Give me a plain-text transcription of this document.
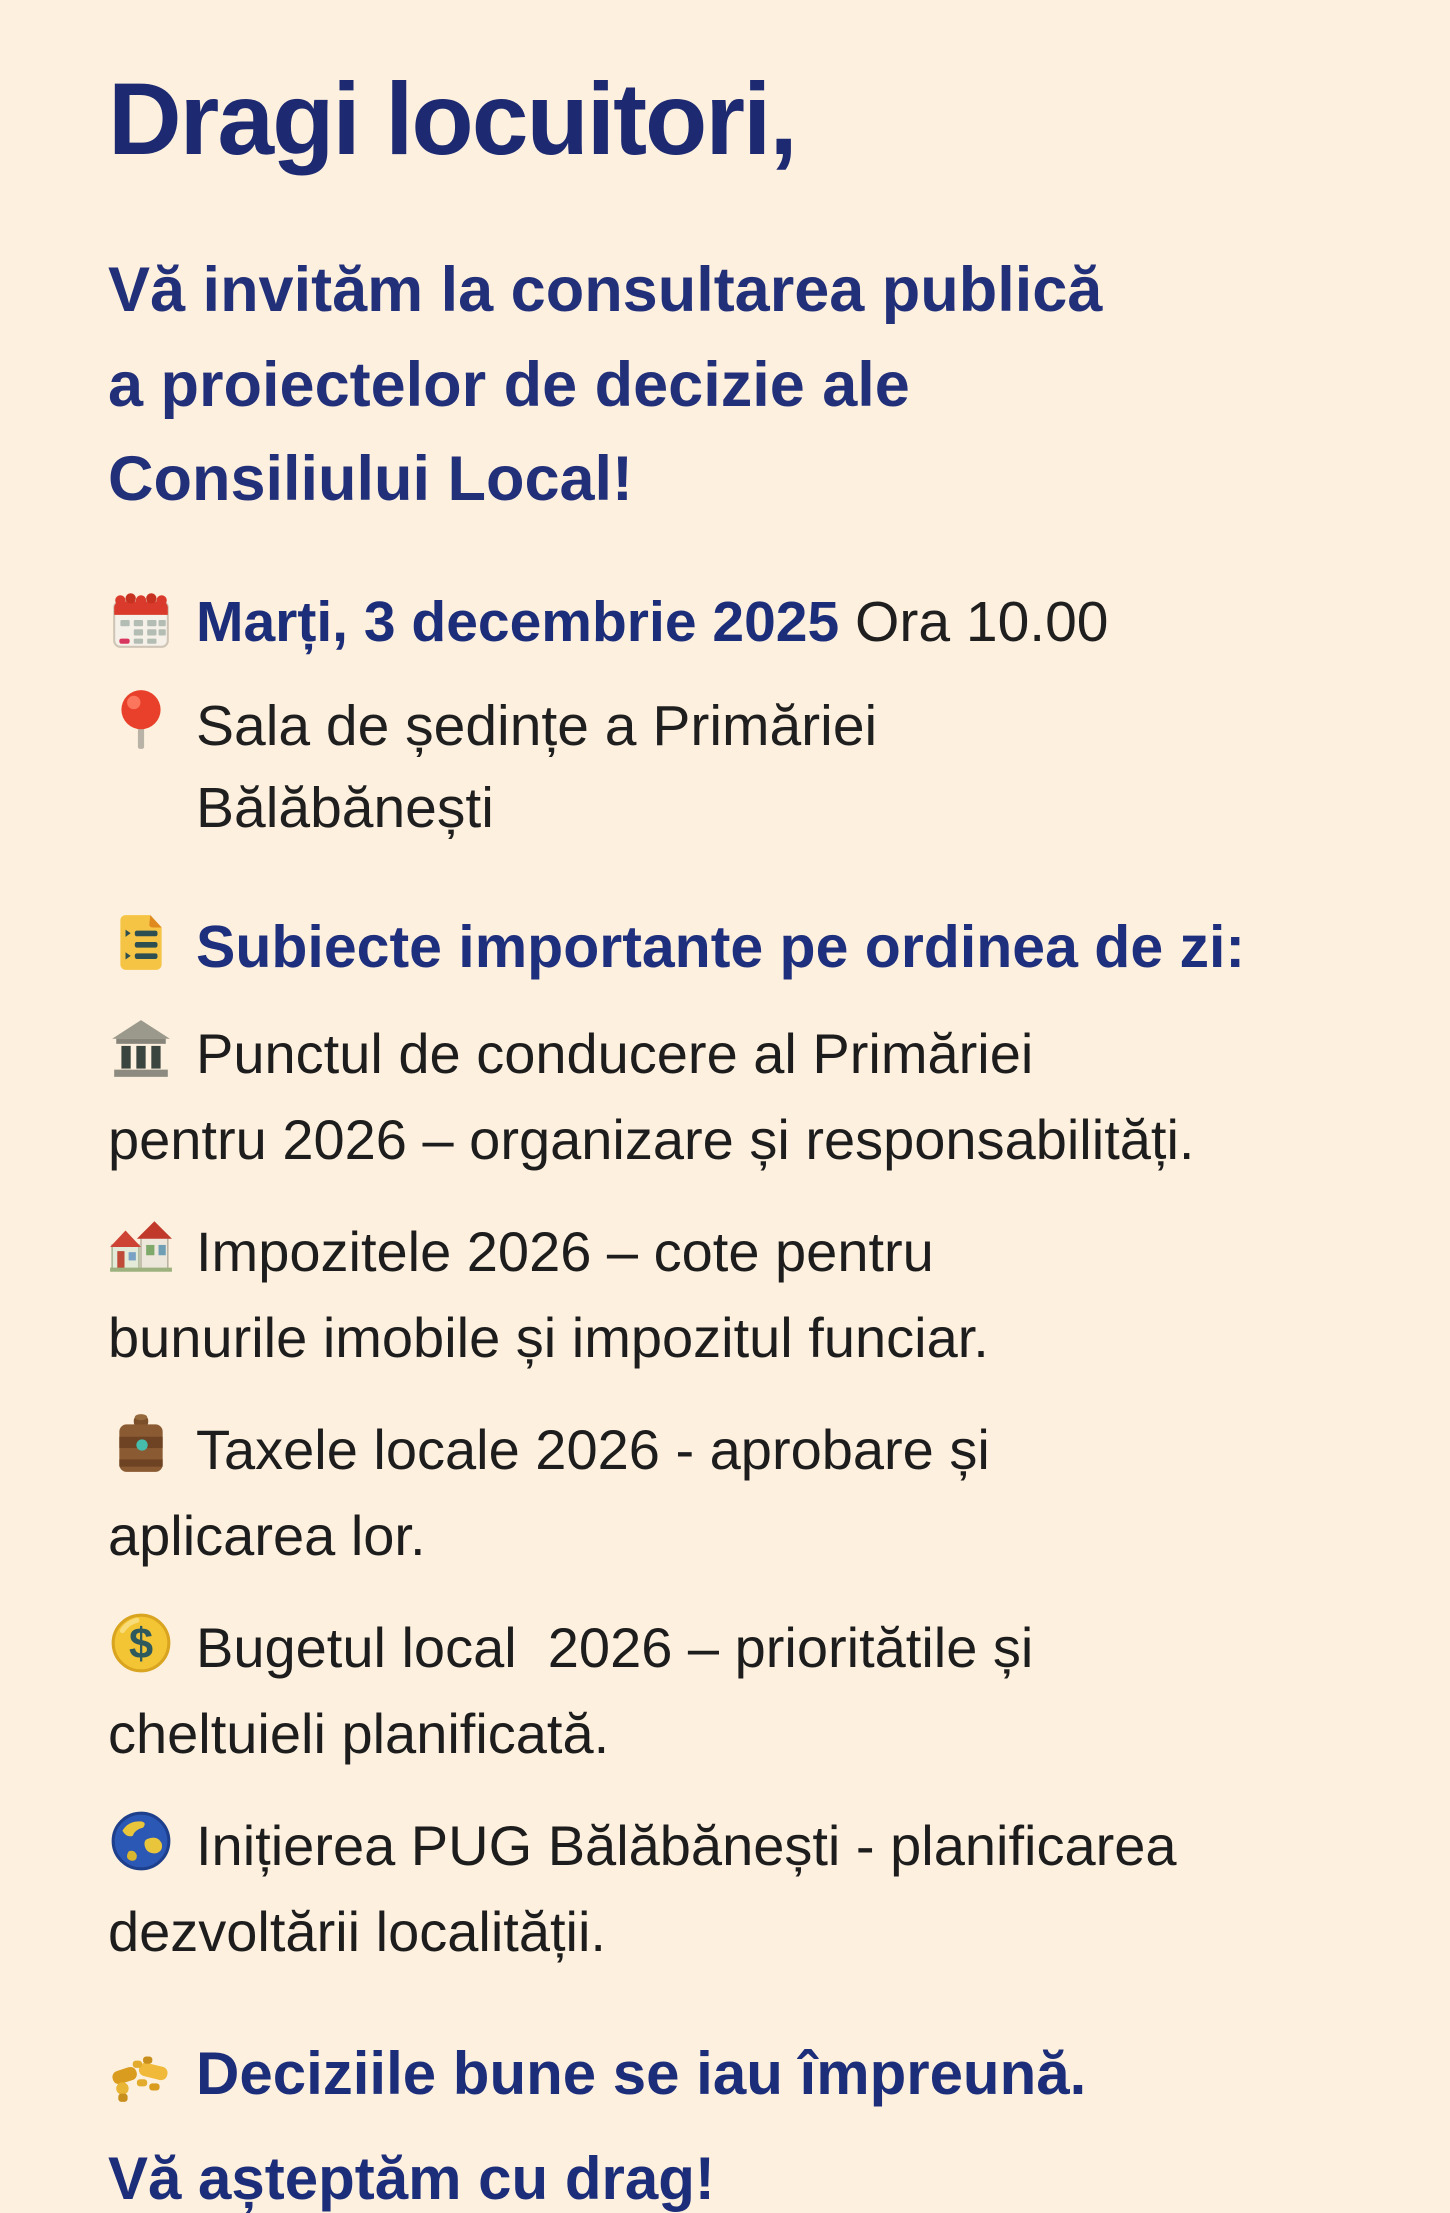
Dragi locuitori,
Vă invităm la consultarea publică
a proiectelor de decizie ale
Consiliului Local!
Marți, 3 decembrie 2025 Ora 10.00
Sala de ședințe a Primăriei
Bălăbănești
Subiecte importante pe ordinea de zi:
Punctul de conducere al Primăriei
pentru 2026 – organizare și responsabilități.
Impozitele 2026 – cote pentru
bunurile imobile și impozitul funciar.
Taxele locale 2026 - aprobare și
aplicarea lor.
$ Bugetul local  2026 – prioritătile și
cheltuieli planificată.
Inițierea PUG Bălăbănești - planificarea
dezvoltării localității.
Deciziile bune se iau împreună.
Vă așteptăm cu drag!
